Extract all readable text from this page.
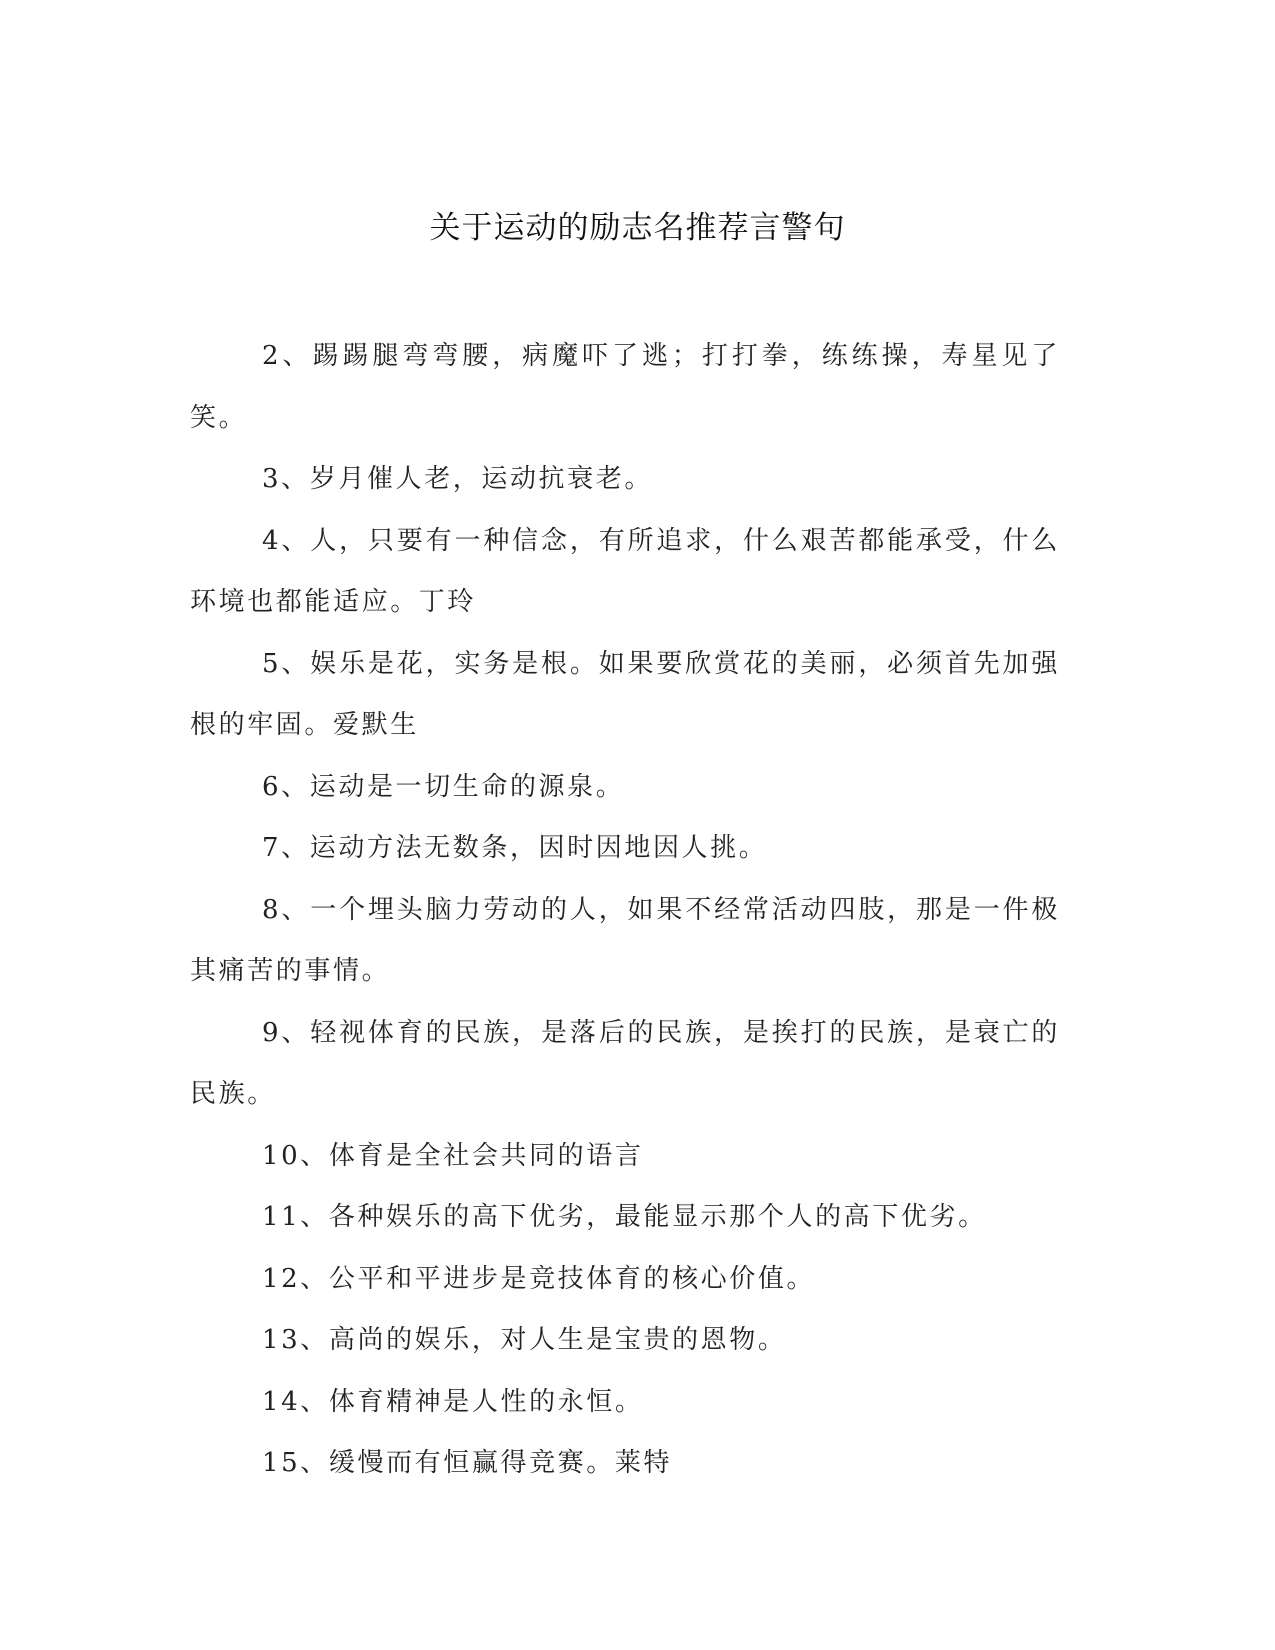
关于运动的励志名推荐言警句

2、踢踢腿弯弯腰，病魔吓了逃；打打拳，练练操，寿星见了笑。

3、岁月催人老，运动抗衰老。

4、人，只要有一种信念，有所追求，什么艰苦都能承受，什么环境也都能适应。丁玲

5、娱乐是花，实务是根。如果要欣赏花的美丽，必须首先加强根的牢固。爱默生

6、运动是一切生命的源泉。

7、运动方法无数条，因时因地因人挑。

8、一个埋头脑力劳动的人，如果不经常活动四肢，那是一件极其痛苦的事情。

9、轻视体育的民族，是落后的民族，是挨打的民族，是衰亡的民族。

10、体育是全社会共同的语言

11、各种娱乐的高下优劣，最能显示那个人的高下优劣。

12、公平和平进步是竞技体育的核心价值。

13、高尚的娱乐，对人生是宝贵的恩物。

14、体育精神是人性的永恒。

15、缓慢而有恒赢得竞赛。莱特
